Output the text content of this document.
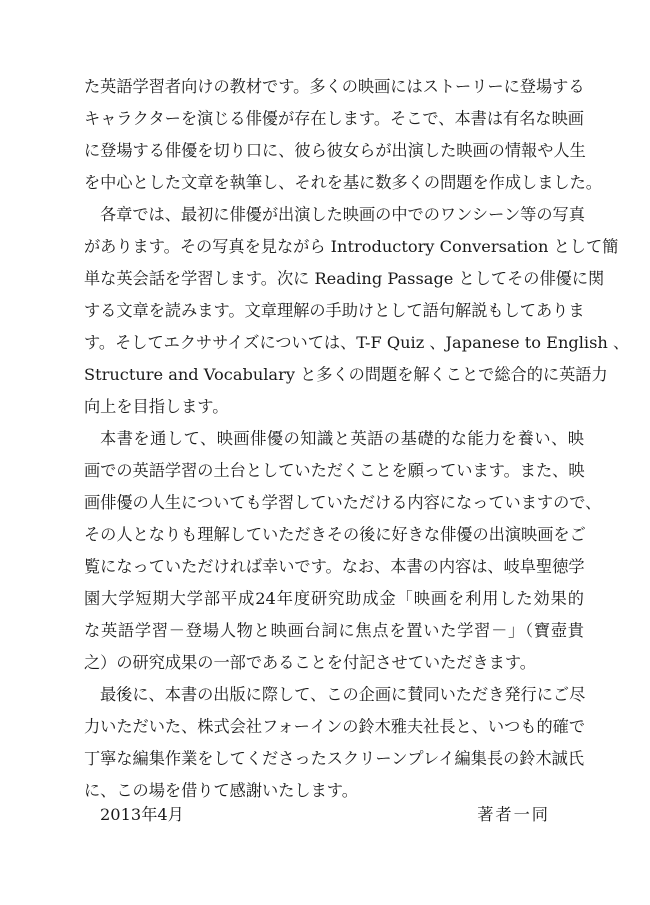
た英語学習者向けの教材です。多くの映画にはストーリーに登場する
キャラクターを演じる俳優が存在します。そこで、本書は有名な映画
に登場する俳優を切り口に、彼ら彼女らが出演した映画の情報や人生
を中心とした文章を執筆し、それを基に数多くの問題を作成しました。
各章では、最初に俳優が出演した映画の中でのワンシーン等の写真
があります。その写真を見ながら Introductory Conversation として簡
単な英会話を学習します。次に Reading Passage としてその俳優に関
する文章を読みます。文章理解の手助けとして語句解説もしてありま
す。そしてエクササイズについては、T-F Quiz 、Japanese to English 、
Structure and Vocabulary と多くの問題を解くことで総合的に英語力
向上を目指します。
本書を通して、映画俳優の知識と英語の基礎的な能力を養い、映
画での英語学習の土台としていただくことを願っています。また、映
画俳優の人生についても学習していただける内容になっていますので、
その人となりも理解していただきその後に好きな俳優の出演映画をご
覧になっていただければ幸いです。なお、本書の内容は、岐阜聖徳学
園大学短期大学部平成24年度研究助成金「映画を利用した効果的
な英語学習－登場人物と映画台詞に焦点を置いた学習－」（寶壺貴
之）の研究成果の一部であることを付記させていただきます。
最後に、本書の出版に際して、この企画に賛同いただき発行にご尽
力いただいた、株式会社フォーインの鈴木雅夫社長と、いつも的確で
丁寧な編集作業をしてくださったスクリーンプレイ編集長の鈴木誠氏
に、この場を借りて感謝いたします。
2013年4月	著者一同
